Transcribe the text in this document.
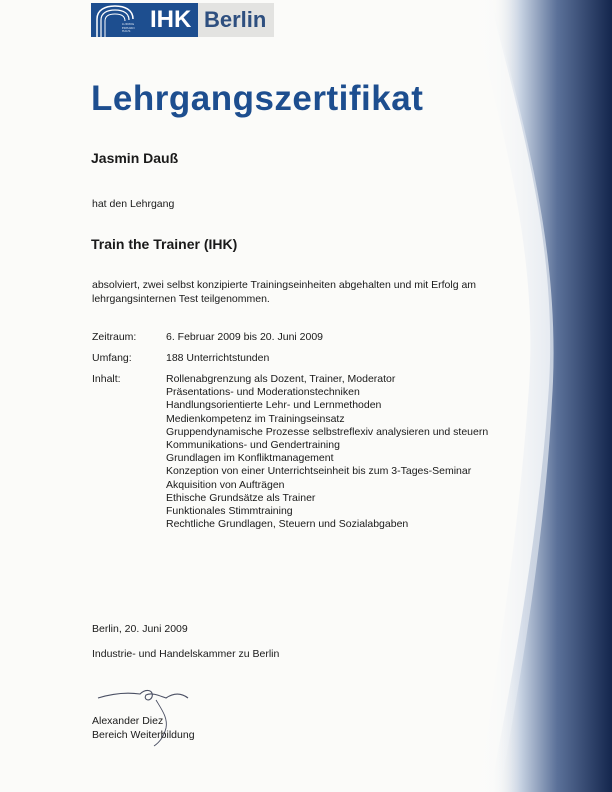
LUDWIG ERHARD HAUS IHK Berlin
Lehrgangszertifikat
Jasmin Dauß
hat den Lehrgang
Train the Trainer (IHK)
absolviert, zwei selbst konzipierte Trainingseinheiten abgehalten und mit Erfolg am lehrgangsinternen Test teilgenommen.
Zeitraum:	6. Februar 2009 bis 20. Juni 2009
Umfang:	188 Unterrichtstunden
Inhalt:	Rollenabgrenzung als Dozent, Trainer, Moderator
Präsentations- und Moderationstechniken
Handlungsorientierte Lehr- und Lernmethoden
Medienkompetenz im Trainingseinsatz
Gruppendynamische Prozesse selbstreflexiv analysieren und steuern
Kommunikations- und Gendertraining
Grundlagen im Konfliktmanagement
Konzeption von einer Unterrichtseinheit bis zum 3-Tages-Seminar
Akquisition von Aufträgen
Ethische Grundsätze als Trainer
Funktionales Stimmtraining
Rechtliche Grundlagen, Steuern und Sozialabgaben
Berlin, 20. Juni 2009
Industrie- und Handelskammer zu Berlin
Alexander Diez
Bereich Weiterbildung
